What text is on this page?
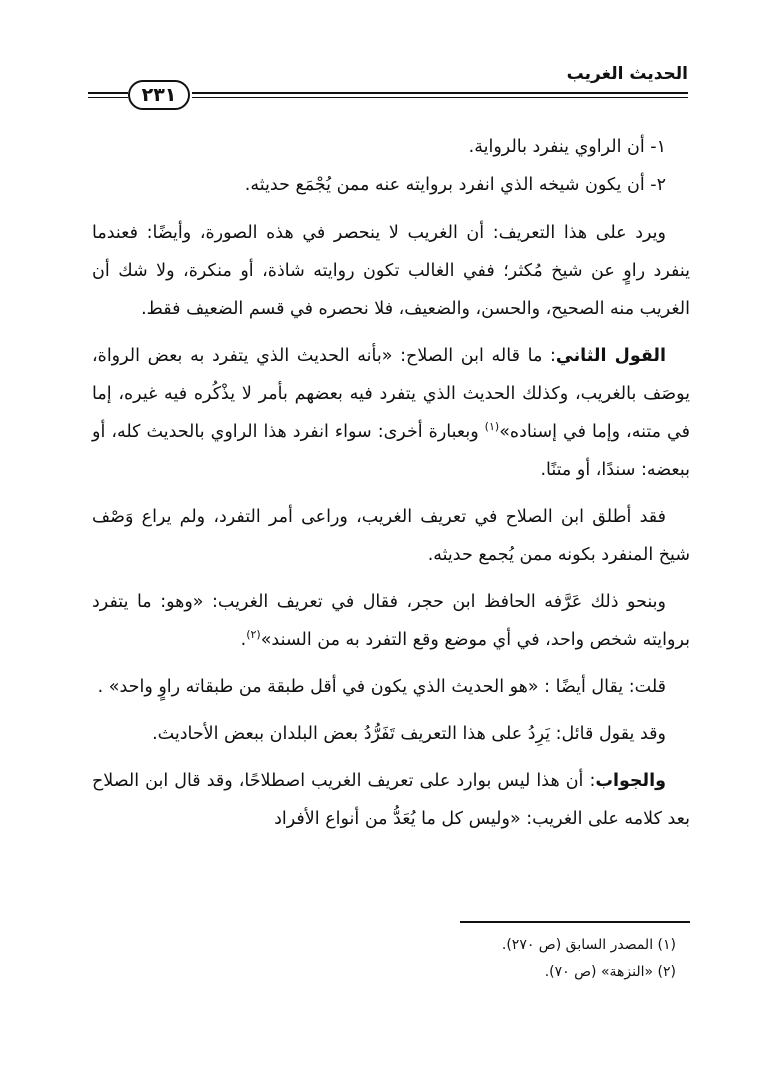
الحديث الغريب
٢٣١

١- أن الراوي ينفرد بالرواية.

٢- أن يكون شيخه الذي انفرد بروايته عنه ممن يُجْمَع حديثه.

ويرد على هذا التعريف: أن الغريب لا ينحصر في هذه الصورة، وأيضًا: فعندما ينفرد راوٍ عن شيخ مُكثر؛ ففي الغالب تكون روايته شاذة، أو منكرة، ولا شك أن الغريب منه الصحيح، والحسن، والضعيف، فلا نحصره في قسم الضعيف فقط.

القول الثاني: ما قاله ابن الصلاح: «بأنه الحديث الذي يتفرد به بعض الرواة، يوصَف بالغريب، وكذلك الحديث الذي يتفرد فيه بعضهم بأمر لا يذْكُره فيه غيره، إما في متنه، وإما في إسناده»$^{(١)}$ وبعبارة أخرى: سواء انفرد هذا الراوي بالحديث كله، أو ببعضه: سندًا، أو متنًا.

فقد أطلق ابن الصلاح في تعريف الغريب، وراعى أمر التفرد، ولم يراع وَصْف شيخ المنفرد بكونه ممن يُجمع حديثه.

وبنحو ذلك عَرَّفه الحافظ ابن حجر، فقال في تعريف الغريب: «وهو: ما يتفرد بروايته شخص واحد، في أي موضع وقع التفرد به من السند»$^{(٢)}$.

قلت: يقال أيضًا : «هو الحديث الذي يكون في أقل طبقة من طبقاته راوٍ واحد» .

وقد يقول قائل: يَرِدُ على هذا التعريف تَفَرُّدُ بعض البلدان ببعض الأحاديث.

والجواب: أن هذا ليس بوارد على تعريف الغريب اصطلاحًا، وقد قال ابن الصلاح بعد كلامه على الغريب: «وليس كل ما يُعَدُّ من أنواع الأفراد

(١) المصدر السابق (ص ٢٧٠).
(٢) «النزهة» (ص ٧٠).
